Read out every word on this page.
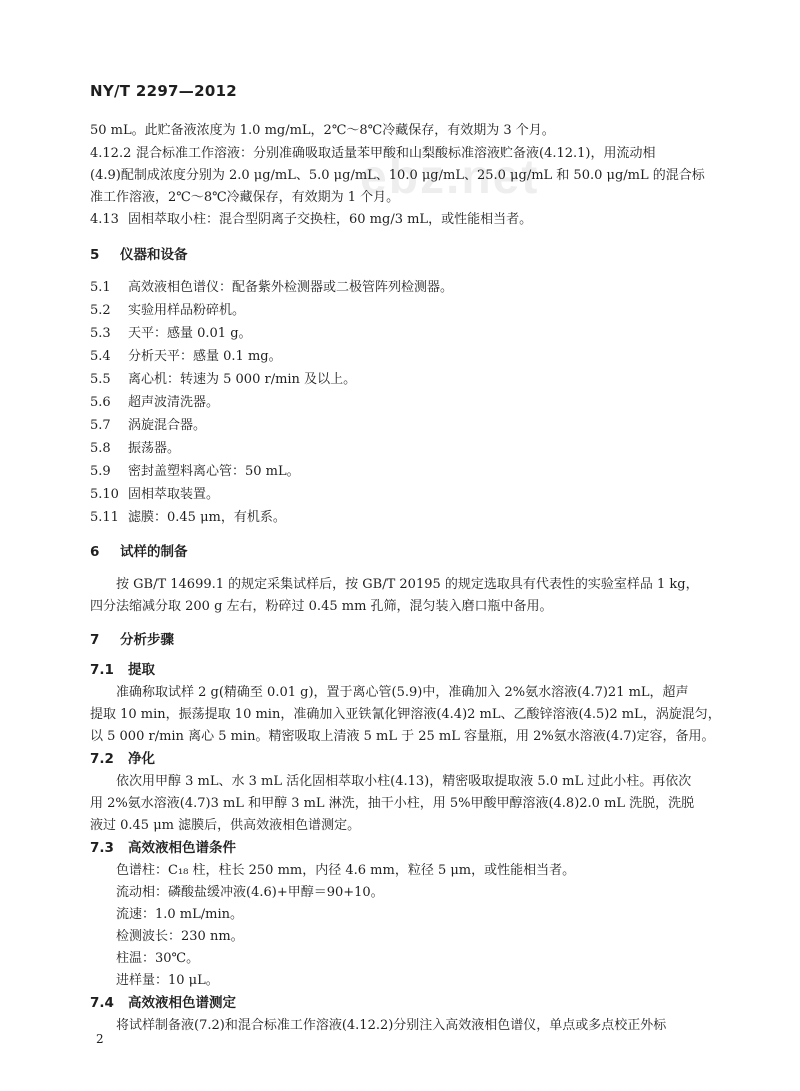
NY/T 2297—2012
ebz.net
50 mL。此贮备液浓度为 1.0 mg/mL，2℃～8℃冷藏保存，有效期为 3 个月。
4.12.2 混合标准工作溶液：分别准确吸取适量苯甲酸和山梨酸标准溶液贮备液(4.12.1)，用流动相
(4.9)配制成浓度分别为 2.0 μg/mL、5.0 μg/mL、10.0 μg/mL、25.0 μg/mL 和 50.0 μg/mL 的混合标
准工作溶液，2℃～8℃冷藏保存，有效期为 1 个月。
4.13 固相萃取小柱：混合型阴离子交换柱，60 mg/3 mL，或性能相当者。
5 仪器和设备
5.1 高效液相色谱仪：配备紫外检测器或二极管阵列检测器。
5.2 实验用样品粉碎机。
5.3 天平：感量 0.01 g。
5.4 分析天平：感量 0.1 mg。
5.5 离心机：转速为 5 000 r/min 及以上。
5.6 超声波清洗器。
5.7 涡旋混合器。
5.8 振荡器。
5.9 密封盖塑料离心管：50 mL。
5.10 固相萃取装置。
5.11 滤膜：0.45 μm，有机系。
6 试样的制备
按 GB/T 14699.1 的规定采集试样后，按 GB/T 20195 的规定选取具有代表性的实验室样品 1 kg，
四分法缩减分取 200 g 左右，粉碎过 0.45 mm 孔筛，混匀装入磨口瓶中备用。
7 分析步骤
7.1 提取
准确称取试样 2 g(精确至 0.01 g)，置于离心管(5.9)中，准确加入 2%氨水溶液(4.7)21 mL，超声
提取 10 min，振荡提取 10 min，准确加入亚铁氰化钾溶液(4.4)2 mL、乙酸锌溶液(4.5)2 mL，涡旋混匀，
以 5 000 r/min 离心 5 min。精密吸取上清液 5 mL 于 25 mL 容量瓶，用 2%氨水溶液(4.7)定容，备用。
7.2 净化
依次用甲醇 3 mL、水 3 mL 活化固相萃取小柱(4.13)，精密吸取提取液 5.0 mL 过此小柱。再依次
用 2%氨水溶液(4.7)3 mL 和甲醇 3 mL 淋洗，抽干小柱，用 5%甲酸甲醇溶液(4.8)2.0 mL 洗脱，洗脱
液过 0.45 μm 滤膜后，供高效液相色谱测定。
7.3 高效液相色谱条件
色谱柱：C₁₈ 柱，柱长 250 mm，内径 4.6 mm，粒径 5 μm，或性能相当者。
流动相：磷酸盐缓冲液(4.6)+甲醇＝90+10。
流速：1.0 mL/min。
检测波长：230 nm。
柱温：30℃。
进样量：10 μL。
7.4 高效液相色谱测定
将试样制备液(7.2)和混合标准工作溶液(4.12.2)分别注入高效液相色谱仪，单点或多点校正外标
2
